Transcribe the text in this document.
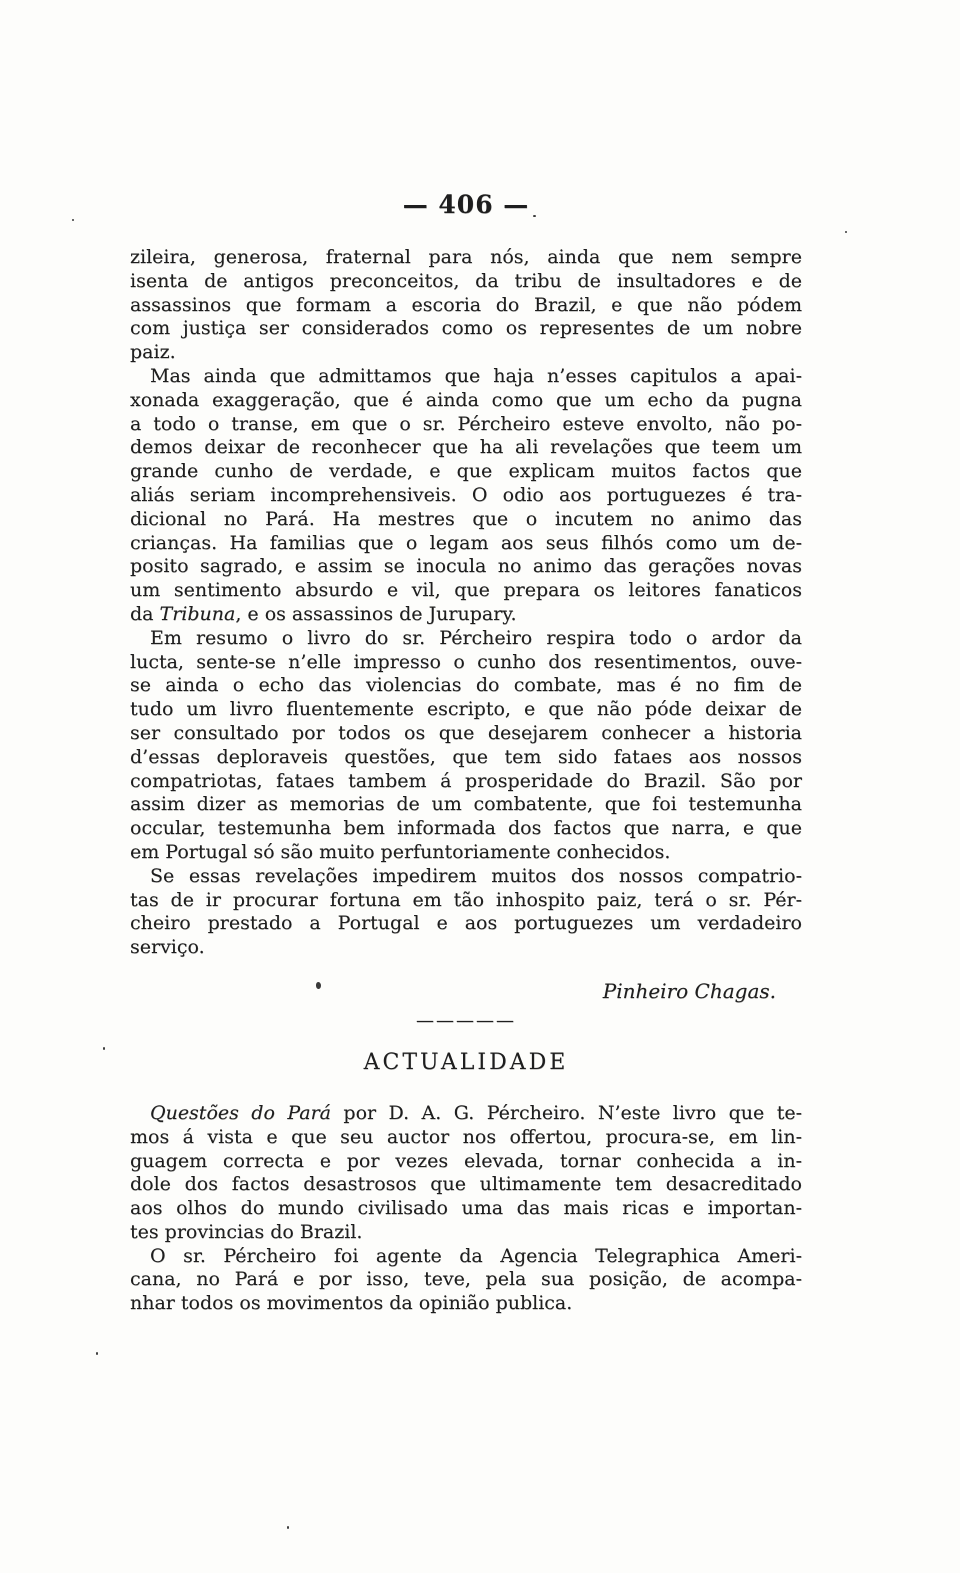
— 406 —
zileira, generosa, fraternal para nós, ainda que nem sempre
isenta de antigos preconceitos, da tribu de insultadores e de
assassinos que formam a escoria do Brazil, e que não pódem
com justiça ser considerados como os representes de um nobre
paiz.
Mas ainda que admittamos que haja n’esses capitulos a apai-
xonada exaggeração, que é ainda como que um echo da pugna
a todo o transe, em que o sr. Pércheiro esteve envolto, não po-
demos deixar de reconhecer que ha ali revelações que teem um
grande cunho de verdade, e que explicam muitos factos que
aliás seriam incomprehensiveis. O odio aos portuguezes é tra-
dicional no Pará. Ha mestres que o incutem no animo das
crianças. Ha familias que o legam aos seus filhós como um de-
posito sagrado, e assim se inocula no animo das gerações novas
um sentimento absurdo e vil, que prepara os leitores fanaticos
da Tribuna, e os assassinos de Jurupary.
Em resumo o livro do sr. Pércheiro respira todo o ardor da
lucta, sente-se n’elle impresso o cunho dos resentimentos, ouve-
se ainda o echo das violencias do combate, mas é no fim de
tudo um livro fluentemente escripto, e que não póde deixar de
ser consultado por todos os que desejarem conhecer a historia
d’essas deploraveis questões, que tem sido fataes aos nossos
compatriotas, fataes tambem á prosperidade do Brazil. São por
assim dizer as memorias de um combatente, que foi testemunha
occular, testemunha bem informada dos factos que narra, e que
em Portugal só são muito perfuntoriamente conhecidos.
Se essas revelações impedirem muitos dos nossos compatrio-
tas de ir procurar fortuna em tão inhospito paiz, terá o sr. Pér-
cheiro prestado a Portugal e aos portuguezes um verdadeiro
serviço.
Pinheiro Chagas.
—————
ACTUALIDADE
Questões do Pará por D. A. G. Pércheiro. N’este livro que te-
mos á vista e que seu auctor nos offertou, procura-se, em lin-
guagem correcta e por vezes elevada, tornar conhecida a in-
dole dos factos desastrosos que ultimamente tem desacreditado
aos olhos do mundo civilisado uma das mais ricas e importan-
tes provincias do Brazil.
O sr. Pércheiro foi agente da Agencia Telegraphica Ameri-
cana, no Pará e por isso, teve, pela sua posição, de acompa-
nhar todos os movimentos da opinião publica.
